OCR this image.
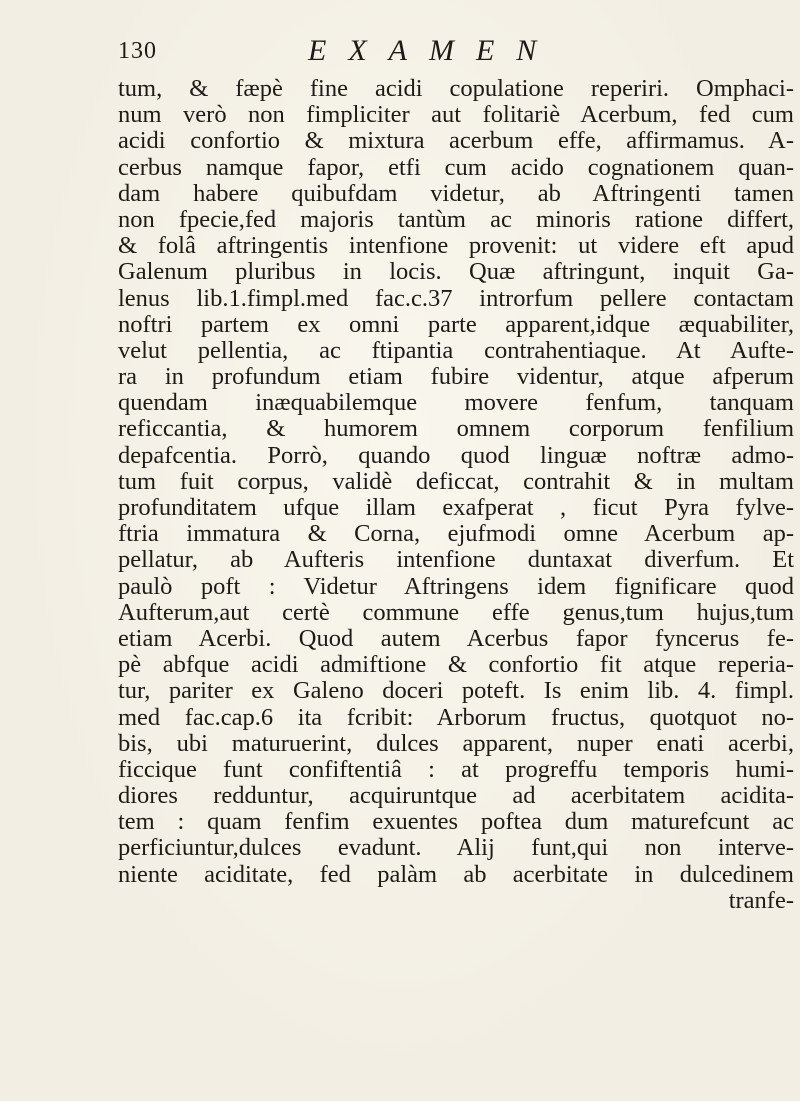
130	EXAMEN
tum, & fæpè fine acidi copulatione reperiri. Omphaci-
num verò non fimpliciter aut folitariè Acerbum, fed cum
acidi confortio & mixtura acerbum effe, affirmamus. A-
cerbus namque fapor, etfi cum acido cognationem quan-
dam habere quibufdam videtur, ab Aftringenti tamen
non fpecie,fed majoris tantùm ac minoris ratione differt,
& folâ aftringentis intenfione provenit: ut videre eft apud
Galenum pluribus in locis. Quæ aftringunt, inquit Ga-
lenus lib.1.fimpl.med fac.c.37 introrfum pellere contactam
noftri partem ex omni parte apparent,idque æquabiliter,
velut pellentia, ac ftipantia contrahentiaque. At Aufte-
ra in profundum etiam fubire videntur, atque afperum
quendam inæquabilemque movere fenfum, tanquam
reficcantia, & humorem omnem corporum fenfilium
depafcentia. Porrò, quando quod linguæ noftræ admo-
tum fuit corpus, validè deficcat, contrahit & in multam
profunditatem ufque illam exafperat , ficut Pyra fylve-
ftria immatura & Corna, ejufmodi omne Acerbum ap-
pellatur, ab Aufteris intenfione duntaxat diverfum. Et
paulò poft : Videtur Aftringens idem fignificare quod
Aufterum,aut certè commune effe genus,tum hujus,tum
etiam Acerbi. Quod autem Acerbus fapor fyncerus fe-
pè abfque acidi admiftione & confortio fit atque reperia-
tur, pariter ex Galeno doceri poteft. Is enim lib. 4. fimpl.
med fac.cap.6 ita fcribit: Arborum fructus, quotquot no-
bis, ubi maturuerint, dulces apparent, nuper enati acerbi,
ficcique funt confiftentiâ : at progreffu temporis humi-
diores redduntur, acquiruntque ad acerbitatem acidita-
tem : quam fenfim exuentes poftea dum maturefcunt ac
perficiuntur,dulces evadunt. Alij funt,qui non interve-
niente aciditate, fed palàm ab acerbitate in dulcedinem
tranfe-
